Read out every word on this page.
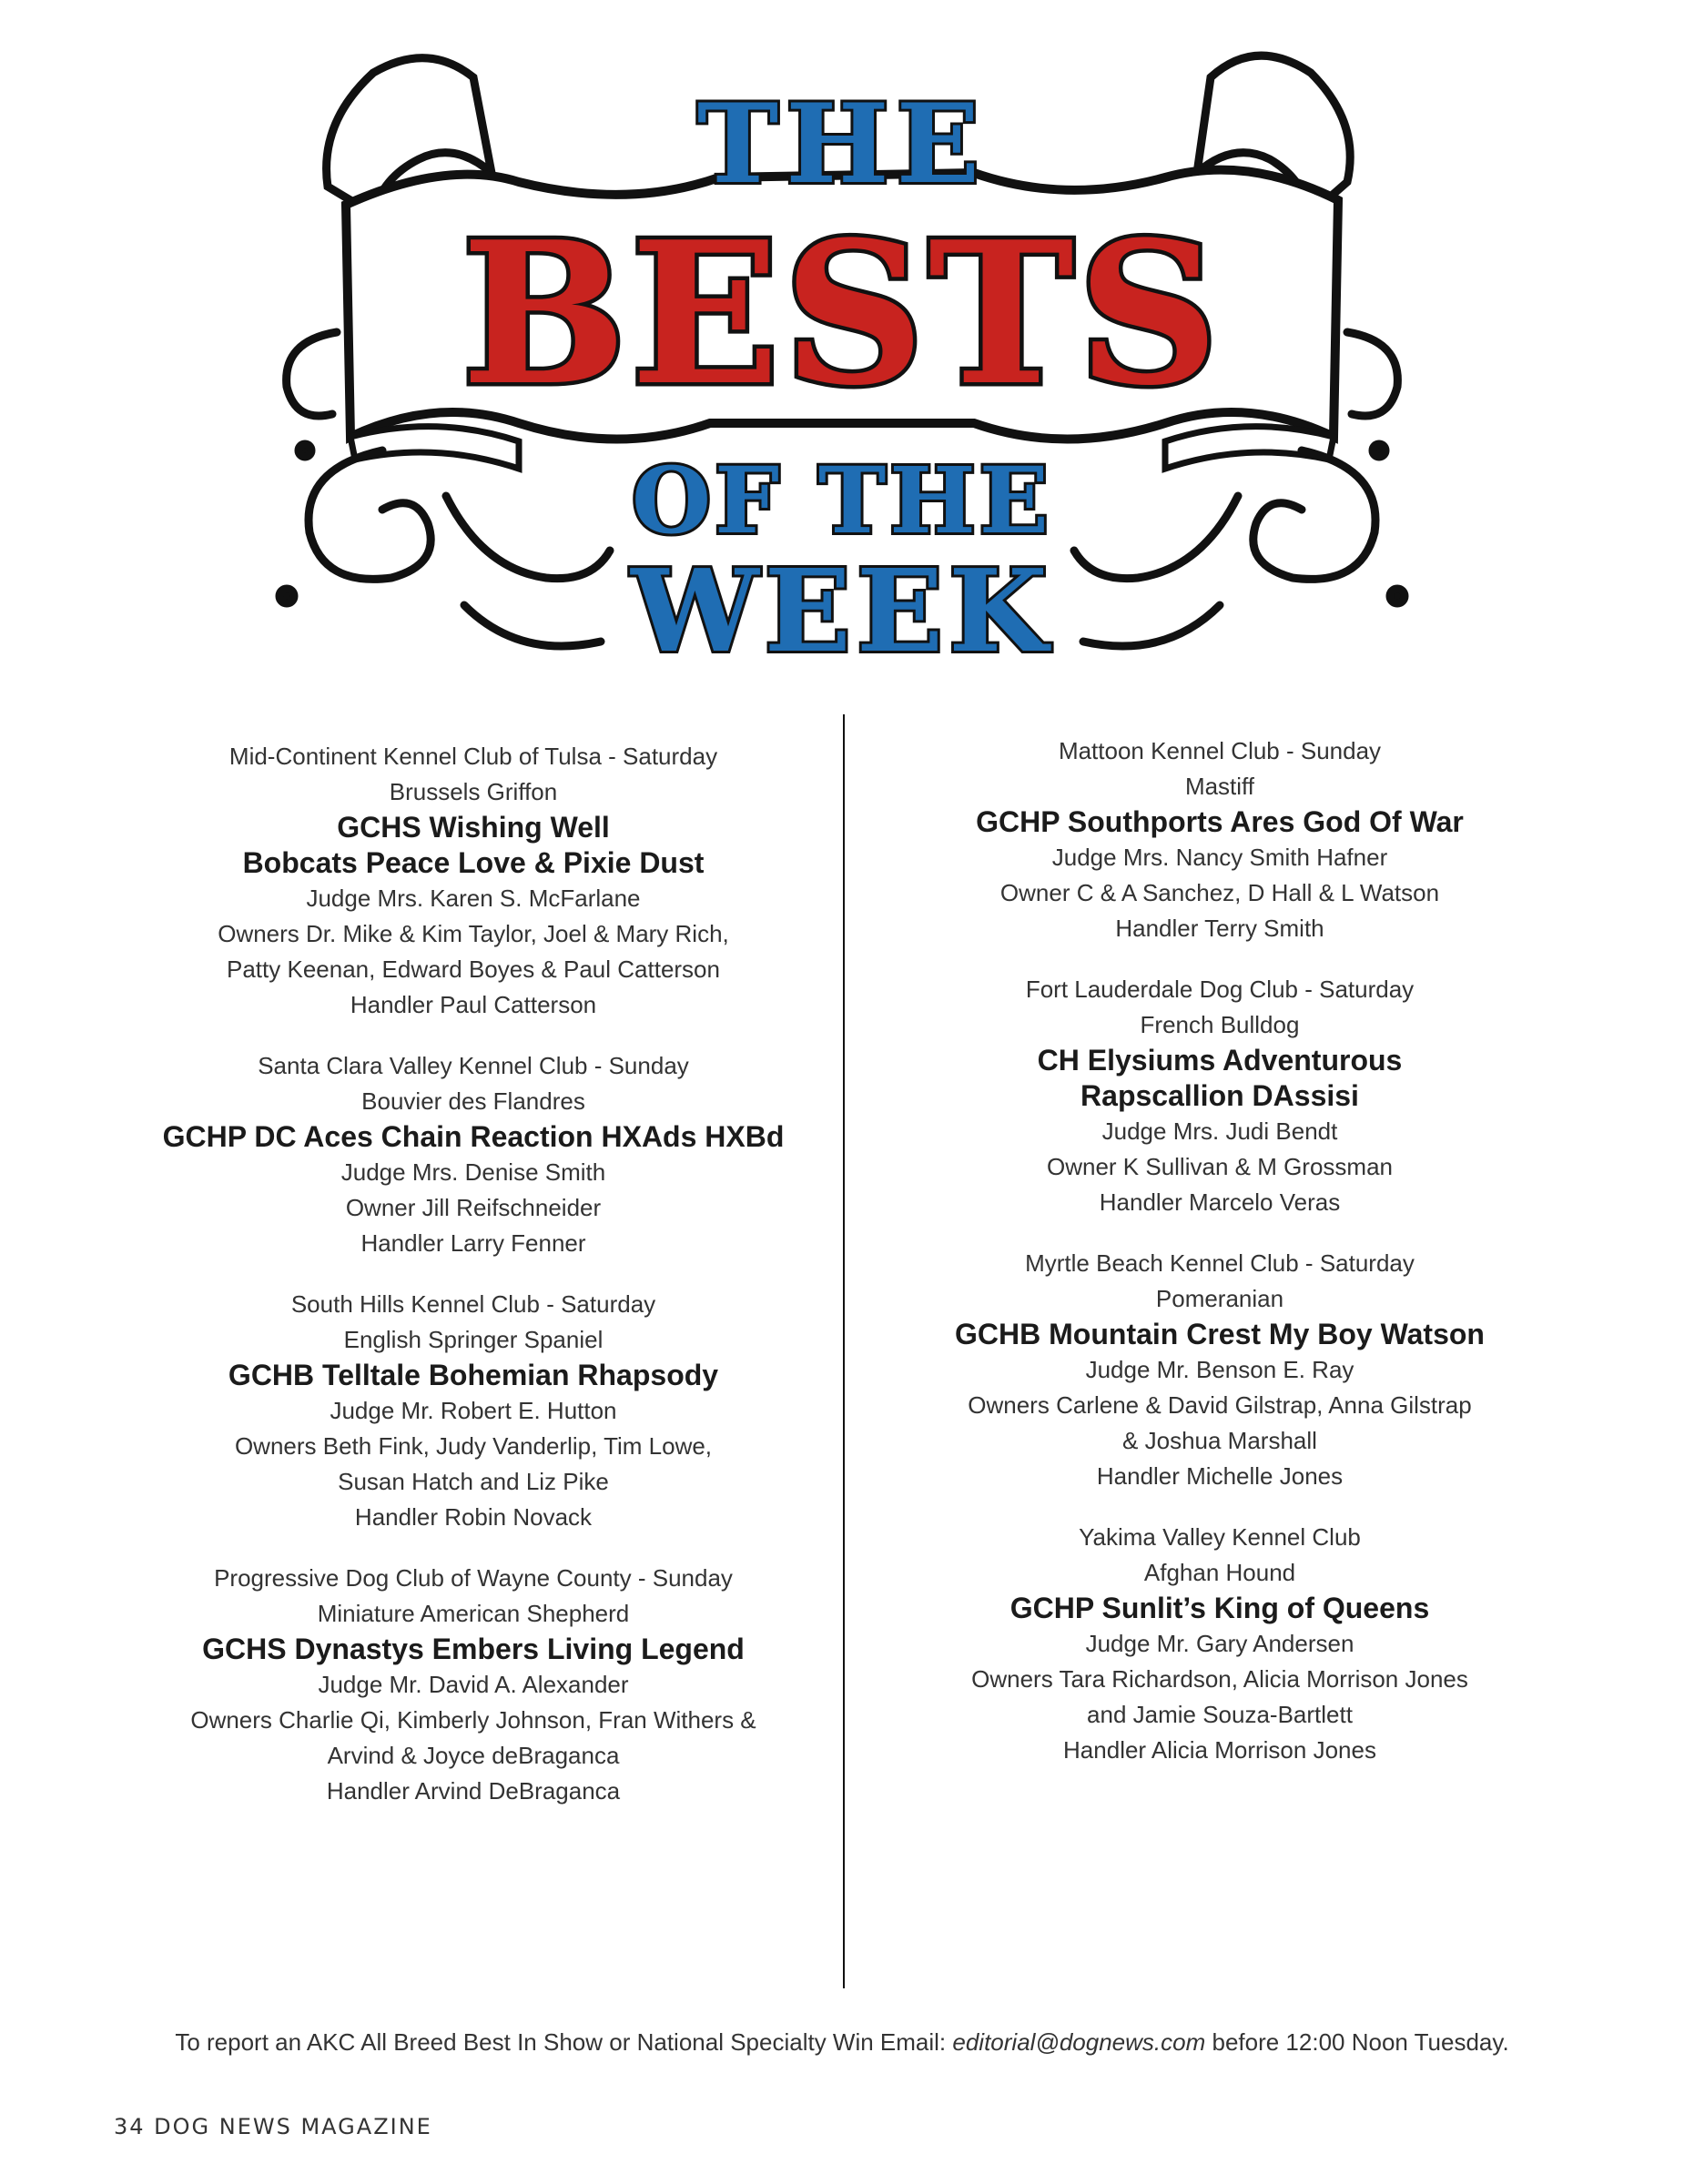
THE
BESTS
OF THE
WEEK
Mid-Continent Kennel Club of Tulsa - Saturday
Brussels Griffon
GCHS Wishing Well
Bobcats Peace Love & Pixie Dust
Judge Mrs. Karen S. McFarlane
Owners Dr. Mike & Kim Taylor, Joel & Mary Rich,
Patty Keenan, Edward Boyes & Paul Catterson
Handler Paul Catterson
Santa Clara Valley Kennel Club - Sunday
Bouvier des Flandres
GCHP DC Aces Chain Reaction HXAds HXBd
Judge Mrs. Denise Smith
Owner Jill Reifschneider
Handler Larry Fenner
South Hills Kennel Club - Saturday
English Springer Spaniel
GCHB Telltale Bohemian Rhapsody
Judge Mr. Robert E. Hutton
Owners Beth Fink, Judy Vanderlip, Tim Lowe,
Susan Hatch and Liz Pike
Handler Robin Novack
Progressive Dog Club of Wayne County - Sunday
Miniature American Shepherd
GCHS Dynastys Embers Living Legend
Judge Mr. David A. Alexander
Owners Charlie Qi, Kimberly Johnson, Fran Withers &
Arvind & Joyce deBraganca
Handler Arvind DeBraganca
Mattoon Kennel Club - Sunday
Mastiff
GCHP Southports Ares God Of War
Judge Mrs. Nancy Smith Hafner
Owner C & A Sanchez, D Hall & L Watson
Handler Terry Smith
Fort Lauderdale Dog Club - Saturday
French Bulldog
CH Elysiums Adventurous
Rapscallion DAssisi
Judge Mrs. Judi Bendt
Owner K Sullivan & M Grossman
Handler Marcelo Veras
Myrtle Beach Kennel Club - Saturday
Pomeranian
GCHB Mountain Crest My Boy Watson
Judge Mr. Benson E. Ray
Owners Carlene & David Gilstrap, Anna Gilstrap
& Joshua Marshall
Handler Michelle Jones
Yakima Valley Kennel Club
Afghan Hound
GCHP Sunlit’s King of Queens
Judge Mr. Gary Andersen
Owners Tara Richardson, Alicia Morrison Jones
and Jamie Souza-Bartlett
Handler Alicia Morrison Jones
To report an AKC All Breed Best In Show or National Specialty Win Email: editorial@dognews.com before 12:00 Noon Tuesday.
34 DOG NEWS MAGAZINE
